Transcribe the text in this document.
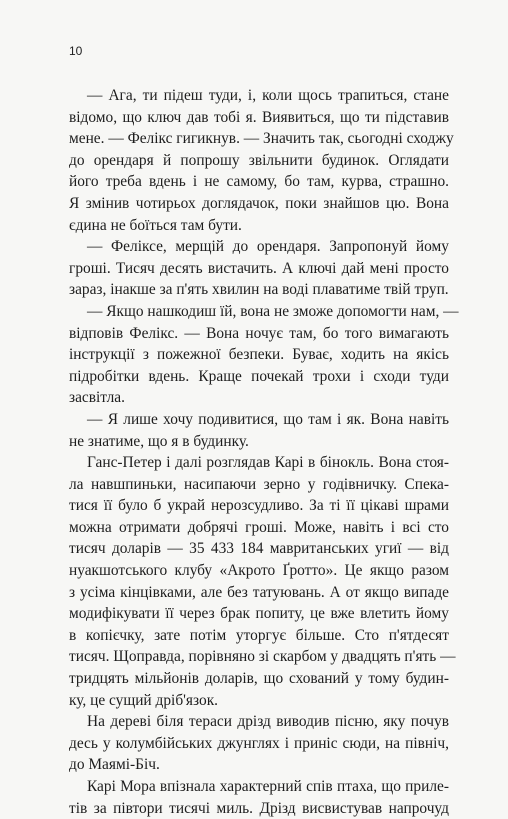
10

— Ага, ти підеш туди, і, коли щось трапиться, стане
відомо, що ключ дав тобі я. Виявиться, що ти підставив
мене. — Фелікс гигикнув. — Значить так, сьогодні сходжу
до орендаря й попрошу звільнити будинок. Оглядати
його треба вдень і не самому, бо там, курва, страшно.
Я змінив чотирьох доглядачок, поки знайшов цю. Вона
єдина не боїться там бути.

— Феліксе, мерщій до орендаря. Запропонуй йому
гроші. Тисяч десять вистачить. А ключі дай мені просто
зараз, інакше за п'ять хвилин на воді плаватиме твій труп.

— Якщо нашкодиш їй, вона не зможе допомогти нам, —
відповів Фелікс. — Вона ночує там, бо того вимагають
інструкції з пожежної безпеки. Буває, ходить на якісь
підробітки вдень. Краще почекай трохи і сходи туди
засвітла.

— Я лише хочу подивитися, що там і як. Вона навіть
не знатиме, що я в будинку.

Ганс-Петер і далі розглядав Карі в бінокль. Вона стоя-
ла навшпиньки, насипаючи зерно у годівничку. Спека-
тися її було б украй нерозсудливо. За ті її цікаві шрами
можна отримати добрячі гроші. Може, навіть і всі сто
тисяч доларів — 35 433 184 мавританських угиї — від
нуакшотського клубу «Акрото Ґротто». Це якщо разом
з усіма кінцівками, але без татуювань. А от якщо випаде
модифікувати її через брак попиту, це вже влетить йому
в копієчку, зате потім уторгує більше. Сто п'ятдесят
тисяч. Щоправда, порівняно зі скарбом у двадцять п'ять —
тридцять мільйонів доларів, що схований у тому будин-
ку, це сущий дріб'язок.

На дереві біля тераси дрізд виводив пісню, яку почув
десь у колумбійських джунглях і приніс сюди, на північ,
до Маямі-Біч.

Карі Мора впізнала характерний спів птаха, що приле-
тів за півтори тисячі миль. Дрізд висвистував напрочуд
